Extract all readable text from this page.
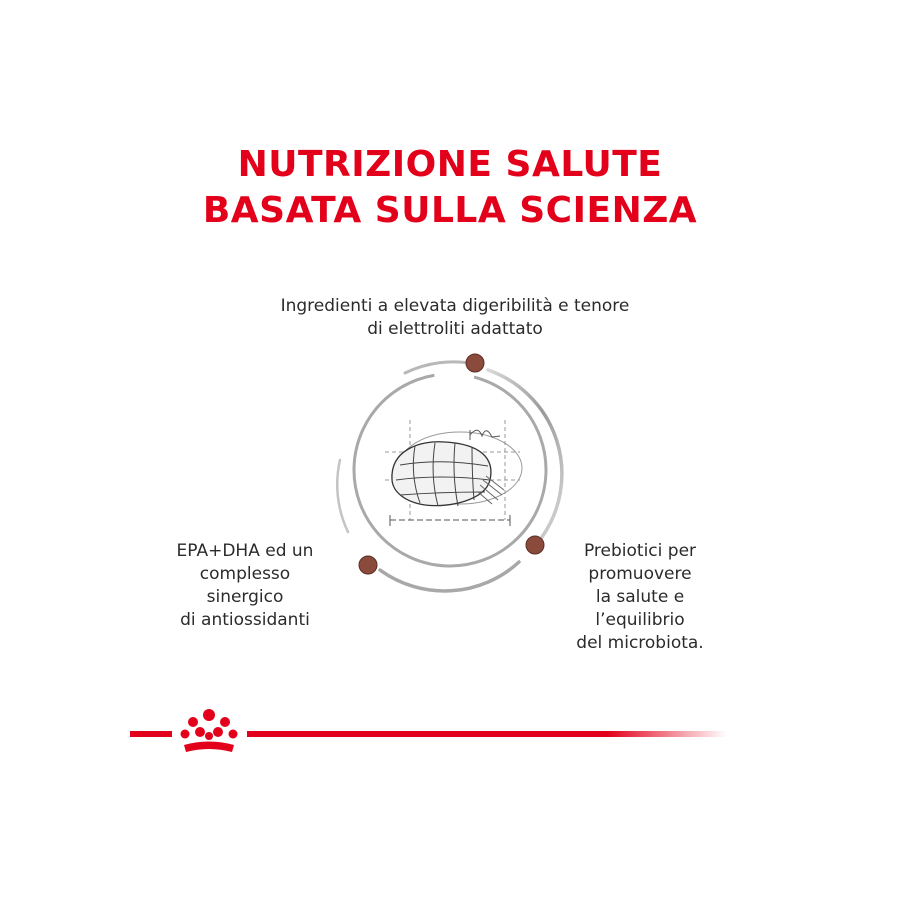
NUTRIZIONE SALUTE
BASATA SULLA SCIENZA
Ingredienti a elevata digeribilità e tenore
di elettroliti adattato
EPA+DHA ed un
complesso
sinergico
di antiossidanti
Prebiotici per
promuovere
la salute e
l’equilibrio
del microbiota.
